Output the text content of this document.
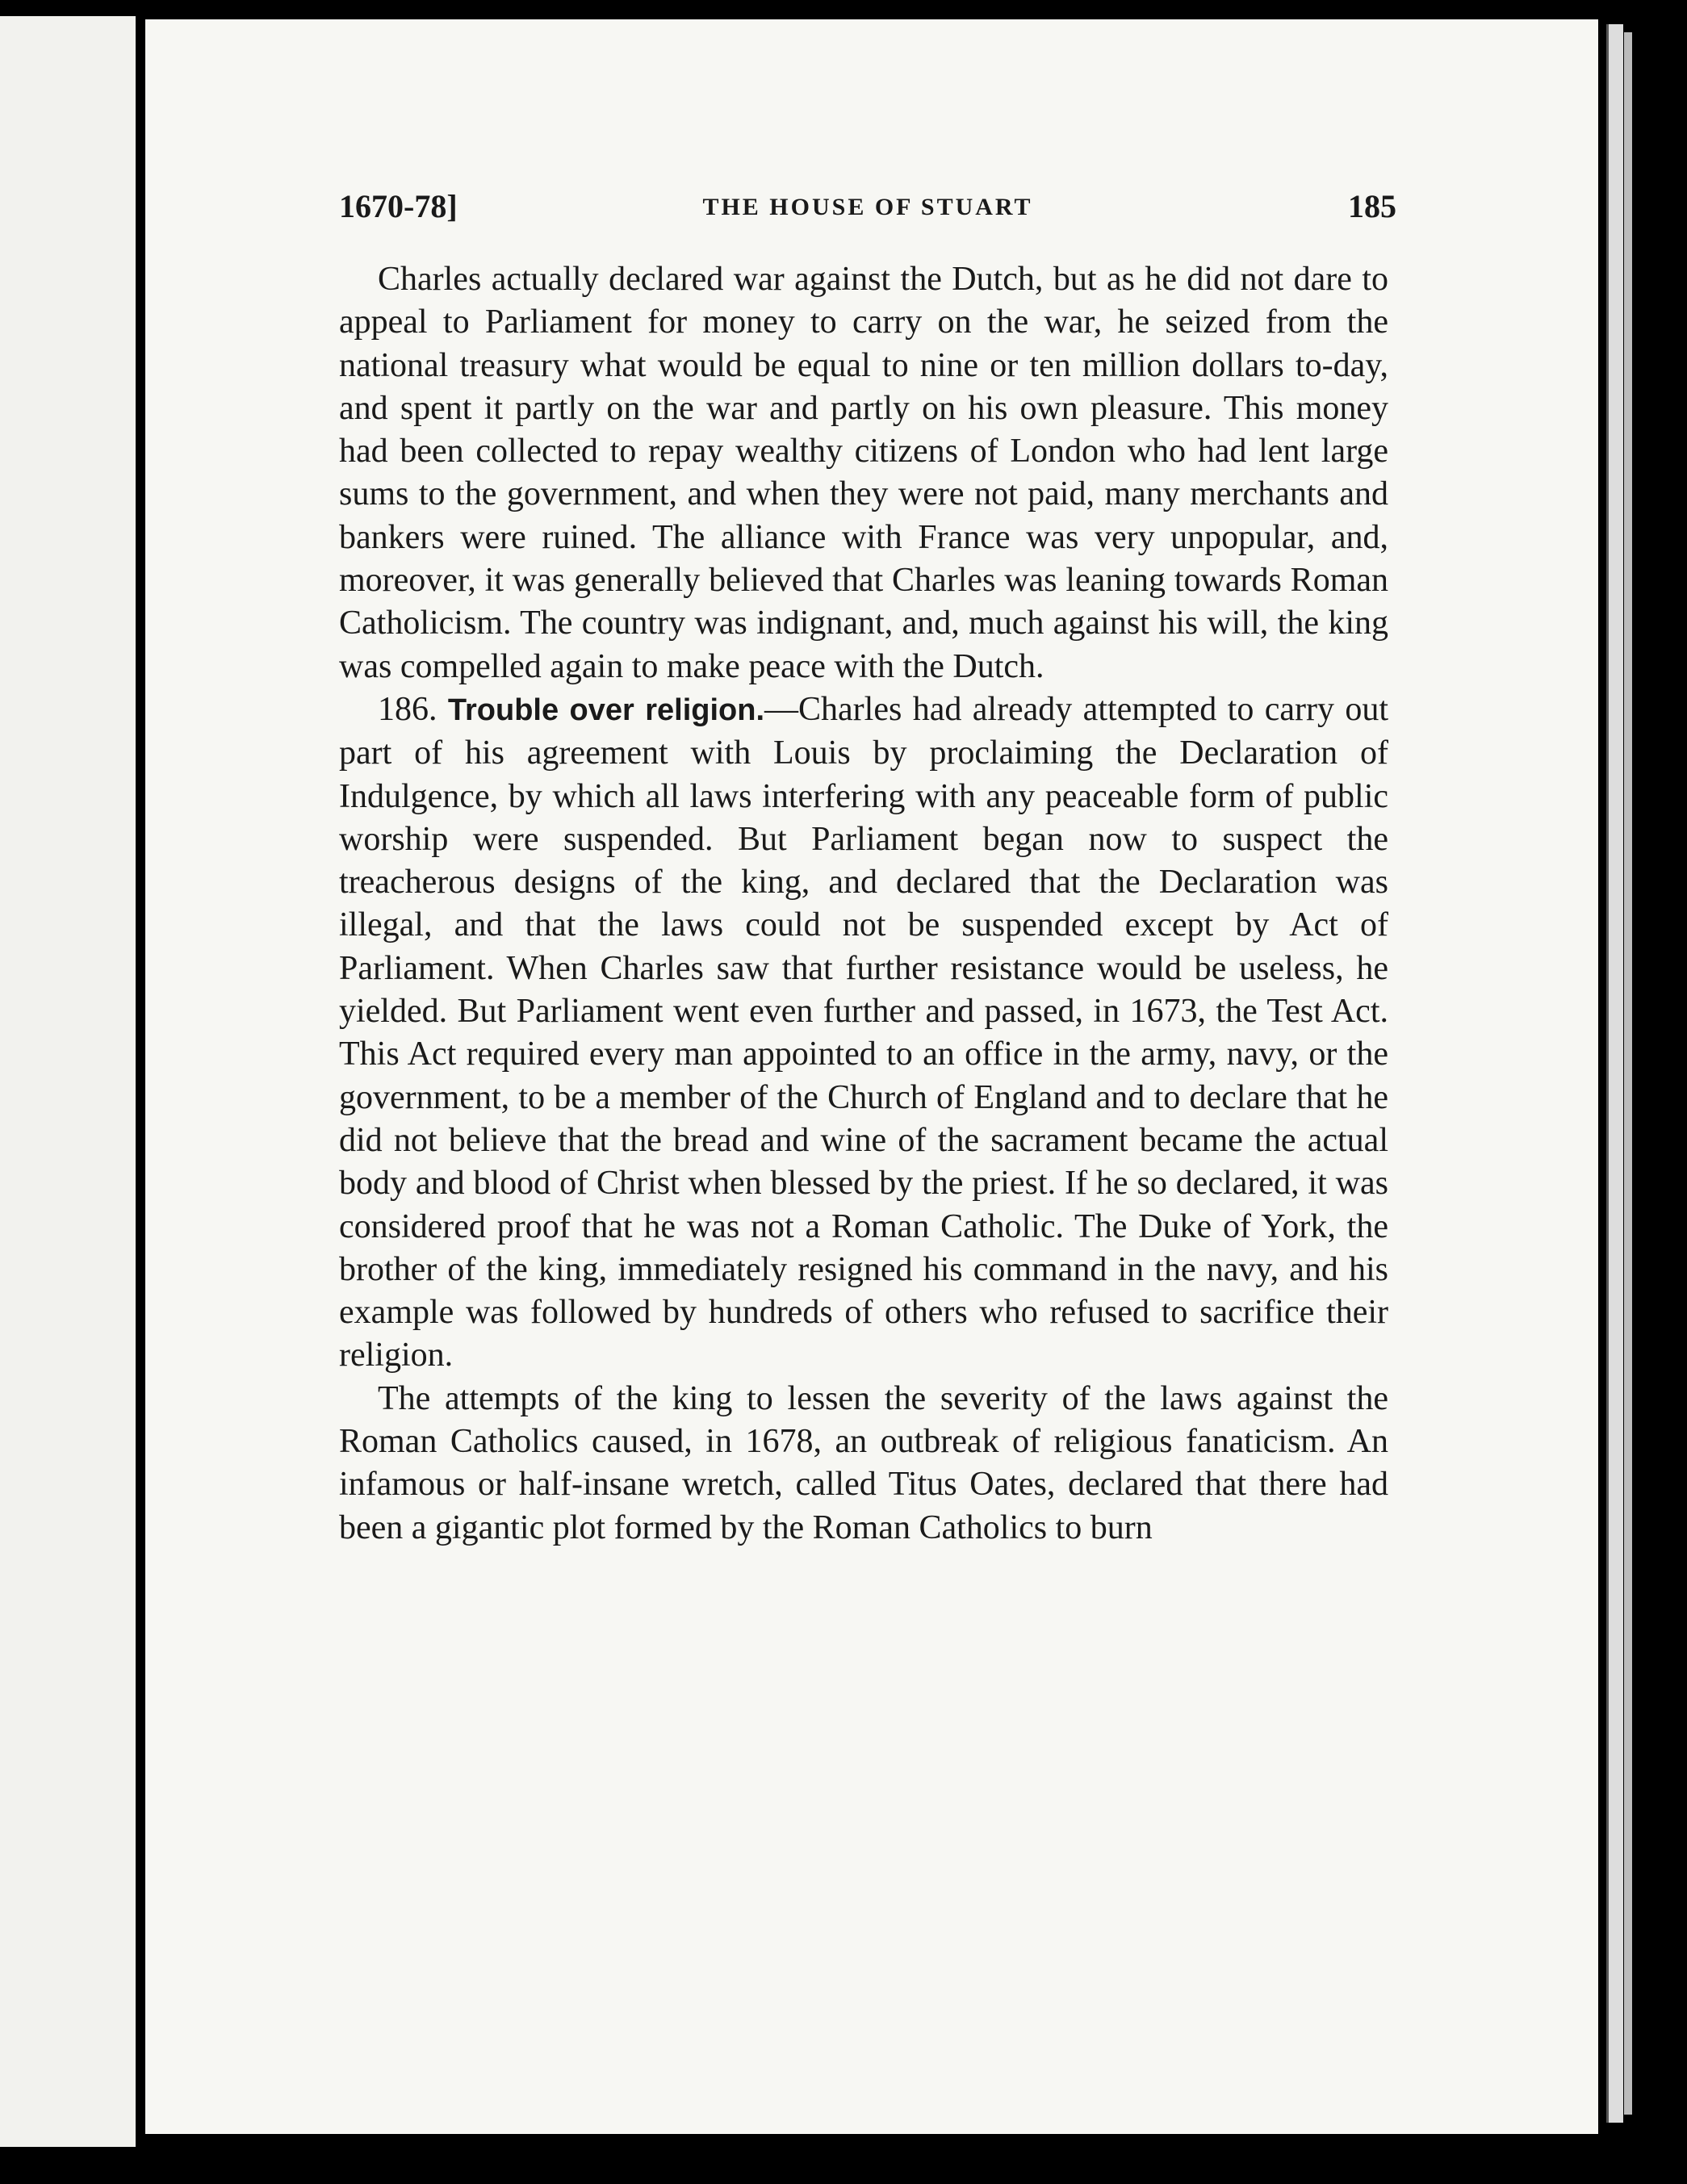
1670-78]	THE HOUSE OF STUART	185

Charles actually declared war against the Dutch, but as he did not dare to appeal to Parliament for money to carry on the war, he seized from the national treasury what would be equal to nine or ten million dollars to-day, and spent it partly on the war and partly on his own pleasure. This money had been collected to repay wealthy citizens of London who had lent large sums to the government, and when they were not paid, many merchants and bankers were ruined. The alliance with France was very unpopular, and, moreover, it was generally believed that Charles was leaning towards Roman Catholicism. The country was indignant, and, much against his will, the king was compelled again to make peace with the Dutch.

186. Trouble over religion.—Charles had already attempted to carry out part of his agreement with Louis by proclaiming the Declaration of Indulgence, by which all laws interfering with any peaceable form of public worship were suspended. But Parliament began now to suspect the treacherous designs of the king, and declared that the Declaration was illegal, and that the laws could not be suspended except by Act of Parliament. When Charles saw that further resistance would be useless, he yielded. But Parliament went even further and passed, in 1673, the Test Act. This Act required every man appointed to an office in the army, navy, or the government, to be a member of the Church of England and to declare that he did not believe that the bread and wine of the sacrament became the actual body and blood of Christ when blessed by the priest. If he so declared, it was considered proof that he was not a Roman Catholic. The Duke of York, the brother of the king, immediately resigned his command in the navy, and his example was followed by hundreds of others who refused to sacrifice their religion.

The attempts of the king to lessen the severity of the laws against the Roman Catholics caused, in 1678, an outbreak of religious fanaticism. An infamous or half-insane wretch, called Titus Oates, declared that there had been a gigantic plot formed by the Roman Catholics to burn
